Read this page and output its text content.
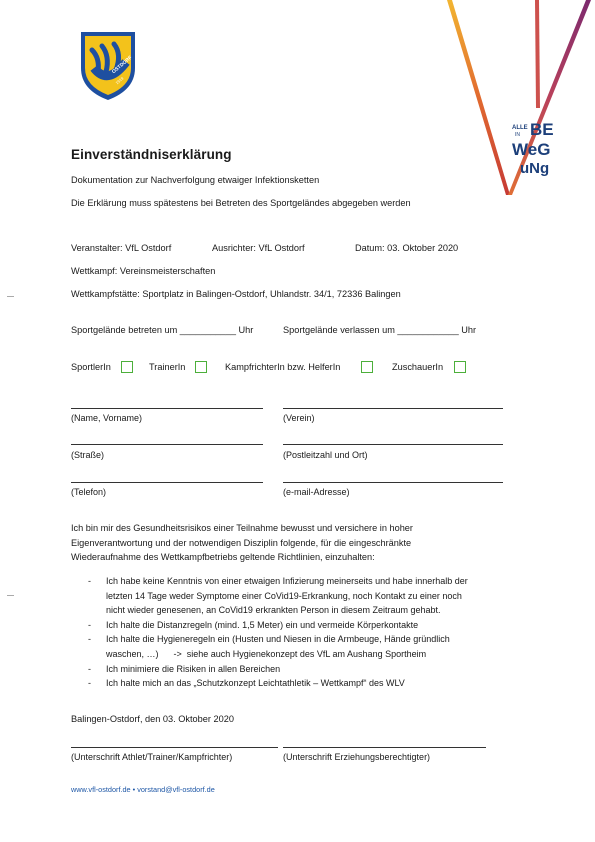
ALLE
IN BE
WeG
uNg
OSTDORF
1919
Einverständniserklärung
Dokumentation zur Nachverfolgung etwaiger Infektionsketten
Die Erklärung muss spätestens bei Betreten des Sportgeländes abgegeben werden
Veranstalter: VfL Ostdorf	Ausrichter: VfL Ostdorf	Datum: 03. Oktober 2020
Wettkampf: Vereinsmeisterschaften
Wettkampfstätte: Sportplatz in Balingen-Ostdorf, Uhlandstr. 34/1, 72336 Balingen
Sportgelände betreten um ___________ Uhr	Sportgelände verlassen um ____________ Uhr
SportlerIn	TrainerIn	KampfrichterIn bzw. HelferIn	ZuschauerIn
(Name, Vorname)	(Verein)
(Straße)	(Postleitzahl und Ort)
(Telefon)	(e-mail-Adresse)
Ich bin mir des Gesundheitsrisikos einer Teilnahme bewusst und versichere in hoher
Eigenverantwortung und der notwendigen Disziplin folgende, für die eingeschränkte
Wiederaufnahme des Wettkampfbetriebs geltende Richtlinien, einzuhalten:
- Ich habe keine Kenntnis von einer etwaigen Infizierung meinerseits und habe innerhalb der
letzten 14 Tage weder Symptome einer CoVid19-Erkrankung, noch Kontakt zu einer noch
nicht wieder genesenen, an CoVid19 erkrankten Person in diesem Zeitraum gehabt.
- Ich halte die Distanzregeln (mind. 1,5 Meter) ein und vermeide Körperkontakte
- Ich halte die Hygieneregeln ein (Husten und Niesen in die Armbeuge, Hände gründlich
waschen, …)      ->  siehe auch Hygienekonzept des VfL am Aushang Sportheim
- Ich minimiere die Risiken in allen Bereichen
- Ich halte mich an das „Schutzkonzept Leichtathletik – Wettkampf“ des WLV
Balingen-Ostdorf, den 03. Oktober 2020
(Unterschrift Athlet/Trainer/Kampfrichter)	(Unterschrift Erziehungsberechtigter)
www.vfl-ostdorf.de • vorstand@vfl-ostdorf.de
